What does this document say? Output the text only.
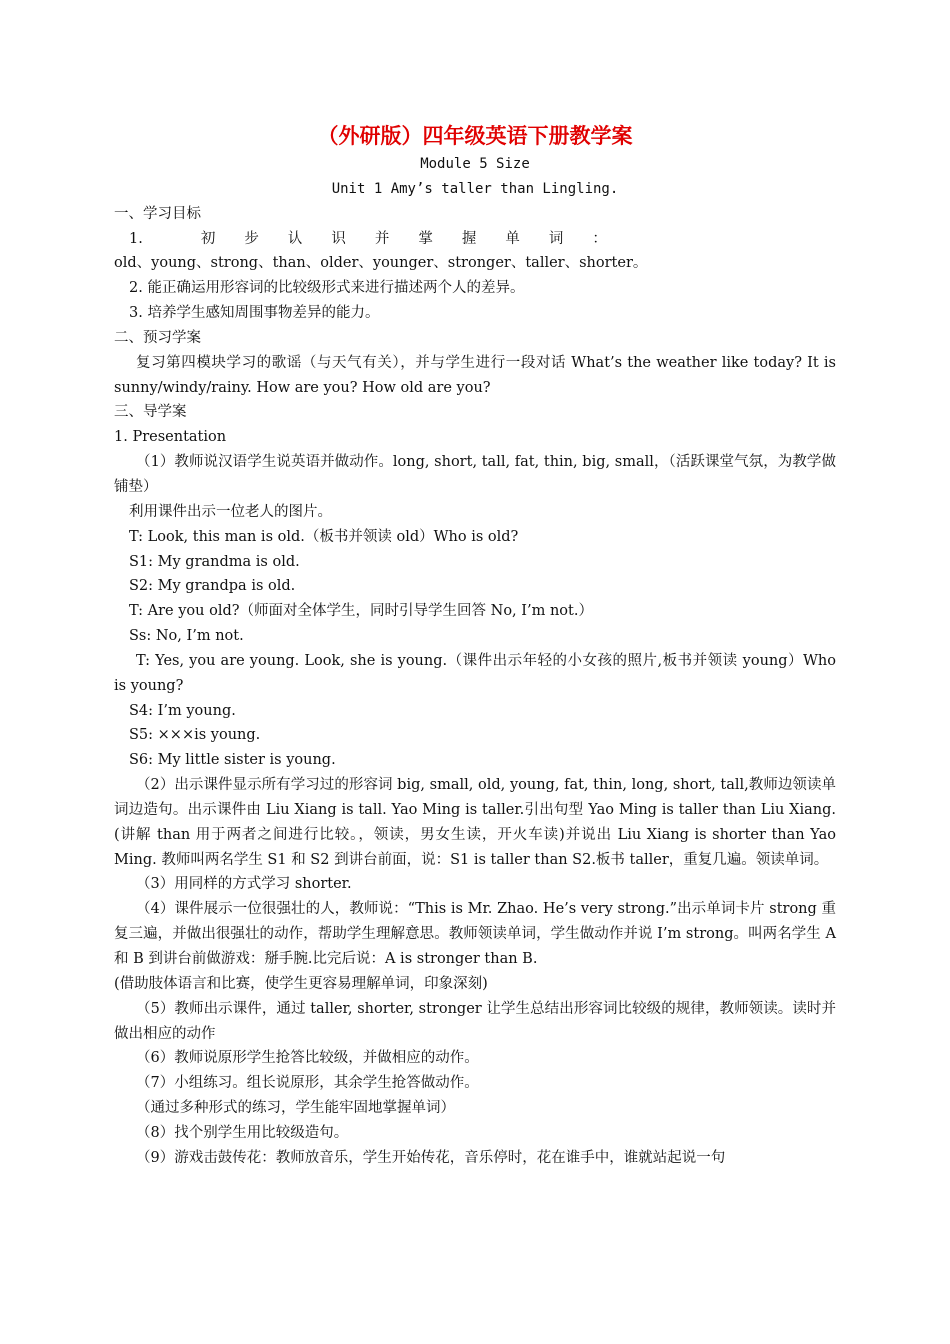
（外研版）四年级英语下册教学案
Module 5 Size
Unit 1 Amy’s taller than Lingling.
一、学习目标
1.　　　　初　　步　　认　　识　　并　　掌　　握　　单　　词　　：
old、young、strong、than、older、younger、stronger、taller、shorter。
2. 能正确运用形容词的比较级形式来进行描述两个人的差异。
3. 培养学生感知周围事物差异的能力。
二、预习学案
复习第四模块学习的歌谣（与天气有关），并与学生进行一段对话 What’s the weather like today? It is sunny/windy/rainy. How are you? How old are you?
三、导学案
1. Presentation
（1）教师说汉语学生说英语并做动作。long, short, tall, fat, thin, big, small，（活跃课堂气氛，为教学做铺垫）
利用课件出示一位老人的图片。
T: Look, this man is old.（板书并领读 old）Who is old?
S1: My grandma is old.
S2: My grandpa is old.
T: Are you old?（师面对全体学生，同时引导学生回答 No, I’m not.）
Ss: No, I’m not.
T: Yes, you are young. Look, she is young.（课件出示年轻的小女孩的照片,板书并领读 young）Who is young?
S4: I’m young.
S5: ×××is young.
S6: My little sister is young.
（2）出示课件显示所有学习过的形容词 big, small, old, young, fat, thin, long, short, tall,教师边领读单词边造句。出示课件由 Liu Xiang is tall. Yao Ming is taller.引出句型 Yao Ming is taller than Liu Xiang.(讲解 than 用于两者之间进行比较。，领读，男女生读，开火车读)并说出 Liu Xiang is shorter than Yao Ming. 教师叫两名学生 S1 和 S2 到讲台前面，说：S1 is taller than S2.板书 taller，重复几遍。领读单词。
（3）用同样的方式学习 shorter.
（4）课件展示一位很强壮的人，教师说：“This is Mr. Zhao. He’s very strong.”出示单词卡片 strong 重复三遍，并做出很强壮的动作，帮助学生理解意思。教师领读单词，学生做动作并说 I’m strong。叫两名学生 A 和 B 到讲台前做游戏：掰手腕.比完后说：A is stronger than B.
(借助肢体语言和比赛，使学生更容易理解单词，印象深刻)
（5）教师出示课件，通过 taller, shorter, stronger 让学生总结出形容词比较级的规律，教师领读。读时并做出相应的动作
（6）教师说原形学生抢答比较级，并做相应的动作。
（7）小组练习。组长说原形，其余学生抢答做动作。
（通过多种形式的练习，学生能牢固地掌握单词）
（8）找个别学生用比较级造句。
（9）游戏击鼓传花：教师放音乐，学生开始传花，音乐停时，花在谁手中，谁就站起说一句
